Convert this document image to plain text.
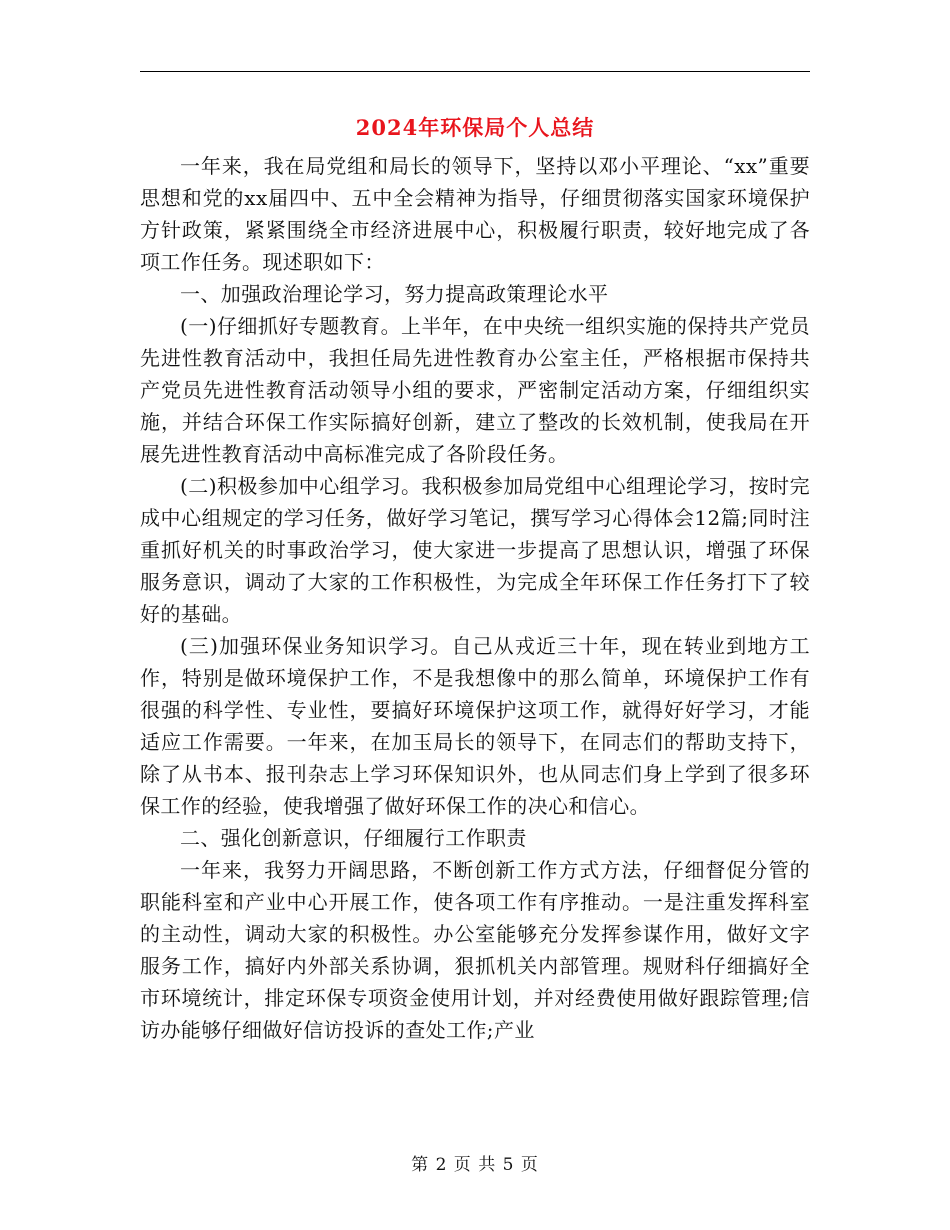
2024年环保局个人总结

一年来，我在局党组和局长的领导下，坚持以邓小平理论、“xx”重要思想和党的xx届四中、五中全会精神为指导，仔细贯彻落实国家环境保护方针政策，紧紧围绕全市经济进展中心，积极履行职责，较好地完成了各项工作任务。现述职如下：

一、加强政治理论学习，努力提高政策理论水平

(一)仔细抓好专题教育。上半年，在中央统一组织实施的保持共产党员先进性教育活动中，我担任局先进性教育办公室主任，严格根据市保持共产党员先进性教育活动领导小组的要求，严密制定活动方案，仔细组织实施，并结合环保工作实际搞好创新，建立了整改的长效机制，使我局在开展先进性教育活动中高标准完成了各阶段任务。

(二)积极参加中心组学习。我积极参加局党组中心组理论学习，按时完成中心组规定的学习任务，做好学习笔记，撰写学习心得体会12篇;同时注重抓好机关的时事政治学习，使大家进一步提高了思想认识，增强了环保服务意识，调动了大家的工作积极性，为完成全年环保工作任务打下了较好的基础。

(三)加强环保业务知识学习。自己从戎近三十年，现在转业到地方工作，特别是做环境保护工作，不是我想像中的那么简单，环境保护工作有很强的科学性、专业性，要搞好环境保护这项工作，就得好好学习，才能适应工作需要。一年来，在加玉局长的领导下，在同志们的帮助支持下，除了从书本、报刊杂志上学习环保知识外，也从同志们身上学到了很多环保工作的经验，使我增强了做好环保工作的决心和信心。

二、强化创新意识，仔细履行工作职责

一年来，我努力开阔思路，不断创新工作方式方法，仔细督促分管的职能科室和产业中心开展工作，使各项工作有序推动。一是注重发挥科室的主动性，调动大家的积极性。办公室能够充分发挥参谋作用，做好文字服务工作，搞好内外部关系协调，狠抓机关内部管理。规财科仔细搞好全市环境统计，排定环保专项资金使用计划，并对经费使用做好跟踪管理;信访办能够仔细做好信访投诉的查处工作;产业

第 2 页 共 5 页
